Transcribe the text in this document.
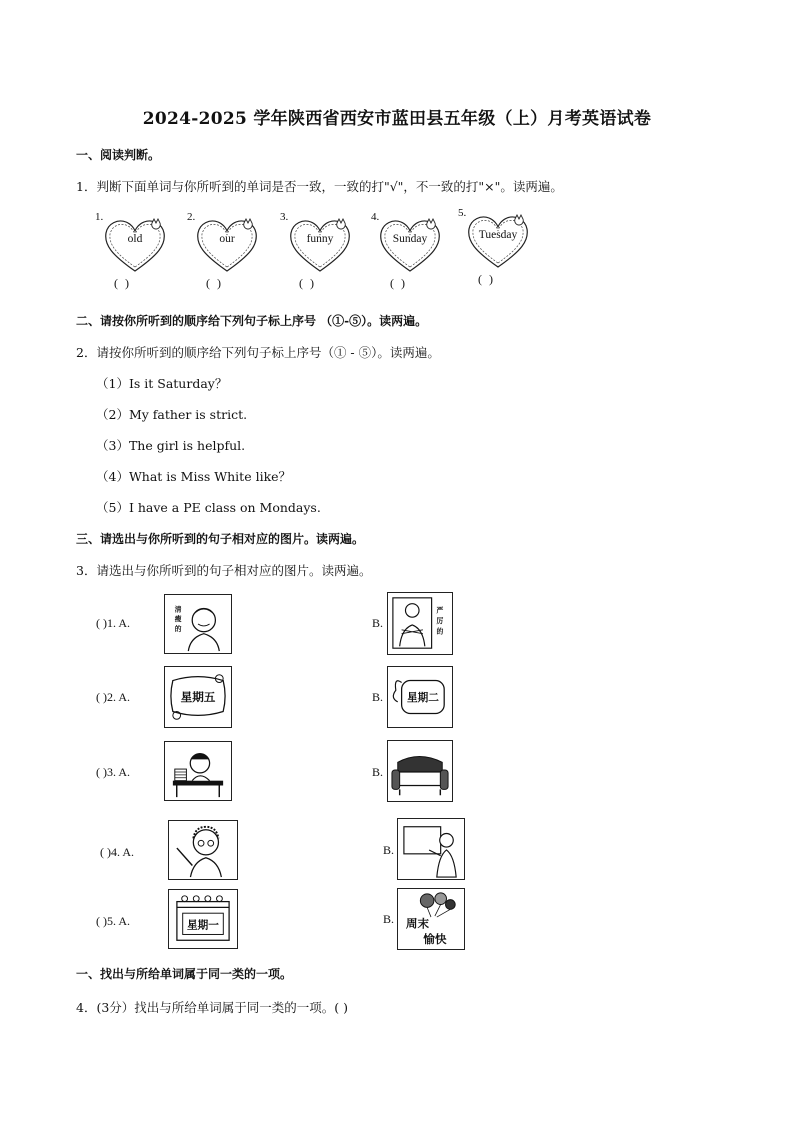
2024-2025 学年陕西省西安市蓝田县五年级（上）月考英语试卷
一、阅读判断。
1．判断下面单词与你所听到的单词是否一致，一致的打"√"，不一致的打"×"。读两遍。
1.
old
( )
2.
our
( )
3.
funny
( )
4.
Sunday
( )
5.
Tuesday
( )
二、请按你所听到的顺序给下列句子标上序号 （①-⑤）。读两遍。
2．请按你所听到的顺序给下列句子标上序号（① - ⑤）。读两遍。
（1）Is it Saturday？
（2）My father is strict.
（3）The girl is helpful.
（4）What is Miss White like？
（5）I have a PE class on Mondays.
三、请选出与你所听到的句子相对应的图片。读两遍。
3．请选出与你所听到的句子相对应的图片。读两遍。
( )1. A.
清
瘦
的	B.
严
厉
的
( )2. A.	星期五	B. 星期二
( )3. A.	B.
( )4. A.	B.
( )5. A.	星期一	B. 周末
愉快
一、找出与所给单词属于同一类的一项。
4．(3分）找出与所给单词属于同一类的一项。( )
